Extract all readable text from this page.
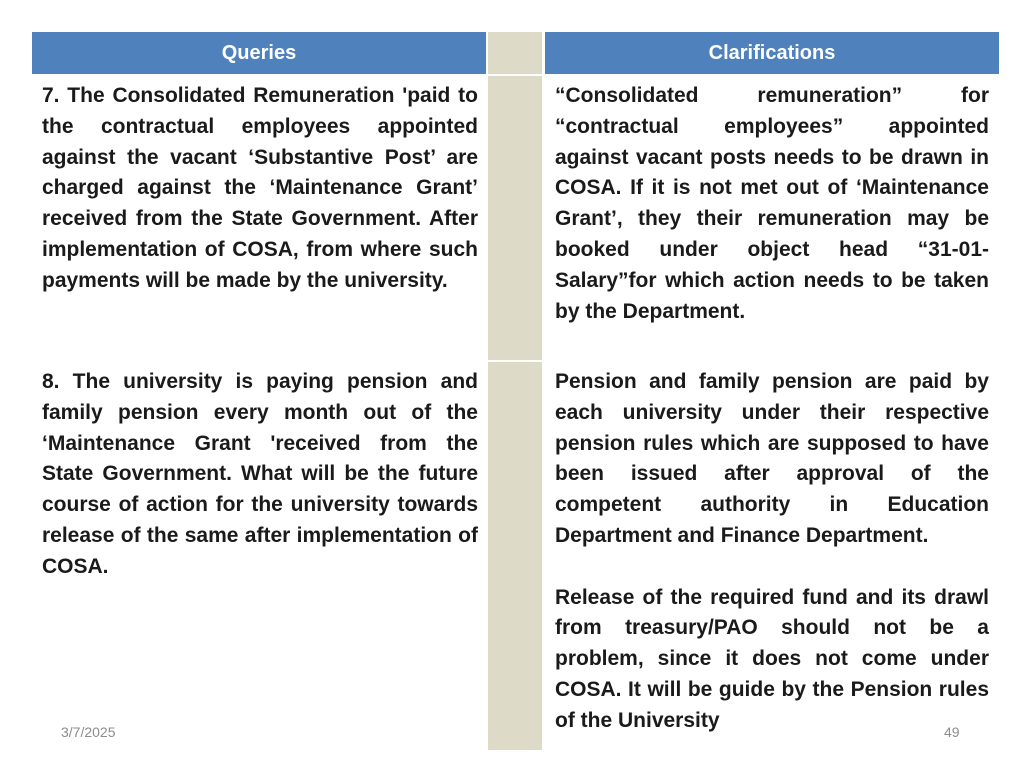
Queries	Clarifications

7. The Consolidated Remuneration 'paid to the contractual employees appointed against the vacant ‘Substantive Post’ are charged against the ‘Maintenance Grant’ received from the State Government. After implementation of COSA, from where such payments will be made by the university.

“Consolidated remuneration” for “contractual employees” appointed against vacant posts needs to be drawn in COSA. If it is not met out of ‘Maintenance Grant’, they their remuneration may be booked under object head “31-01-Salary”for which action needs to be taken by the Department.

8. The university is paying pension and family pension every month out of the ‘Maintenance Grant 'received from the State Government. What will be the future course of action for the university towards release of the same after implementation of COSA.

Pension and family pension are paid by each university under their respective pension rules which are supposed to have been issued after approval of the competent authority in Education Department and Finance Department.

Release of the required fund and its drawl from treasury/PAO should not be a problem, since it does not come under COSA. It will be guide by the Pension rules of the University

3/7/2025	49
